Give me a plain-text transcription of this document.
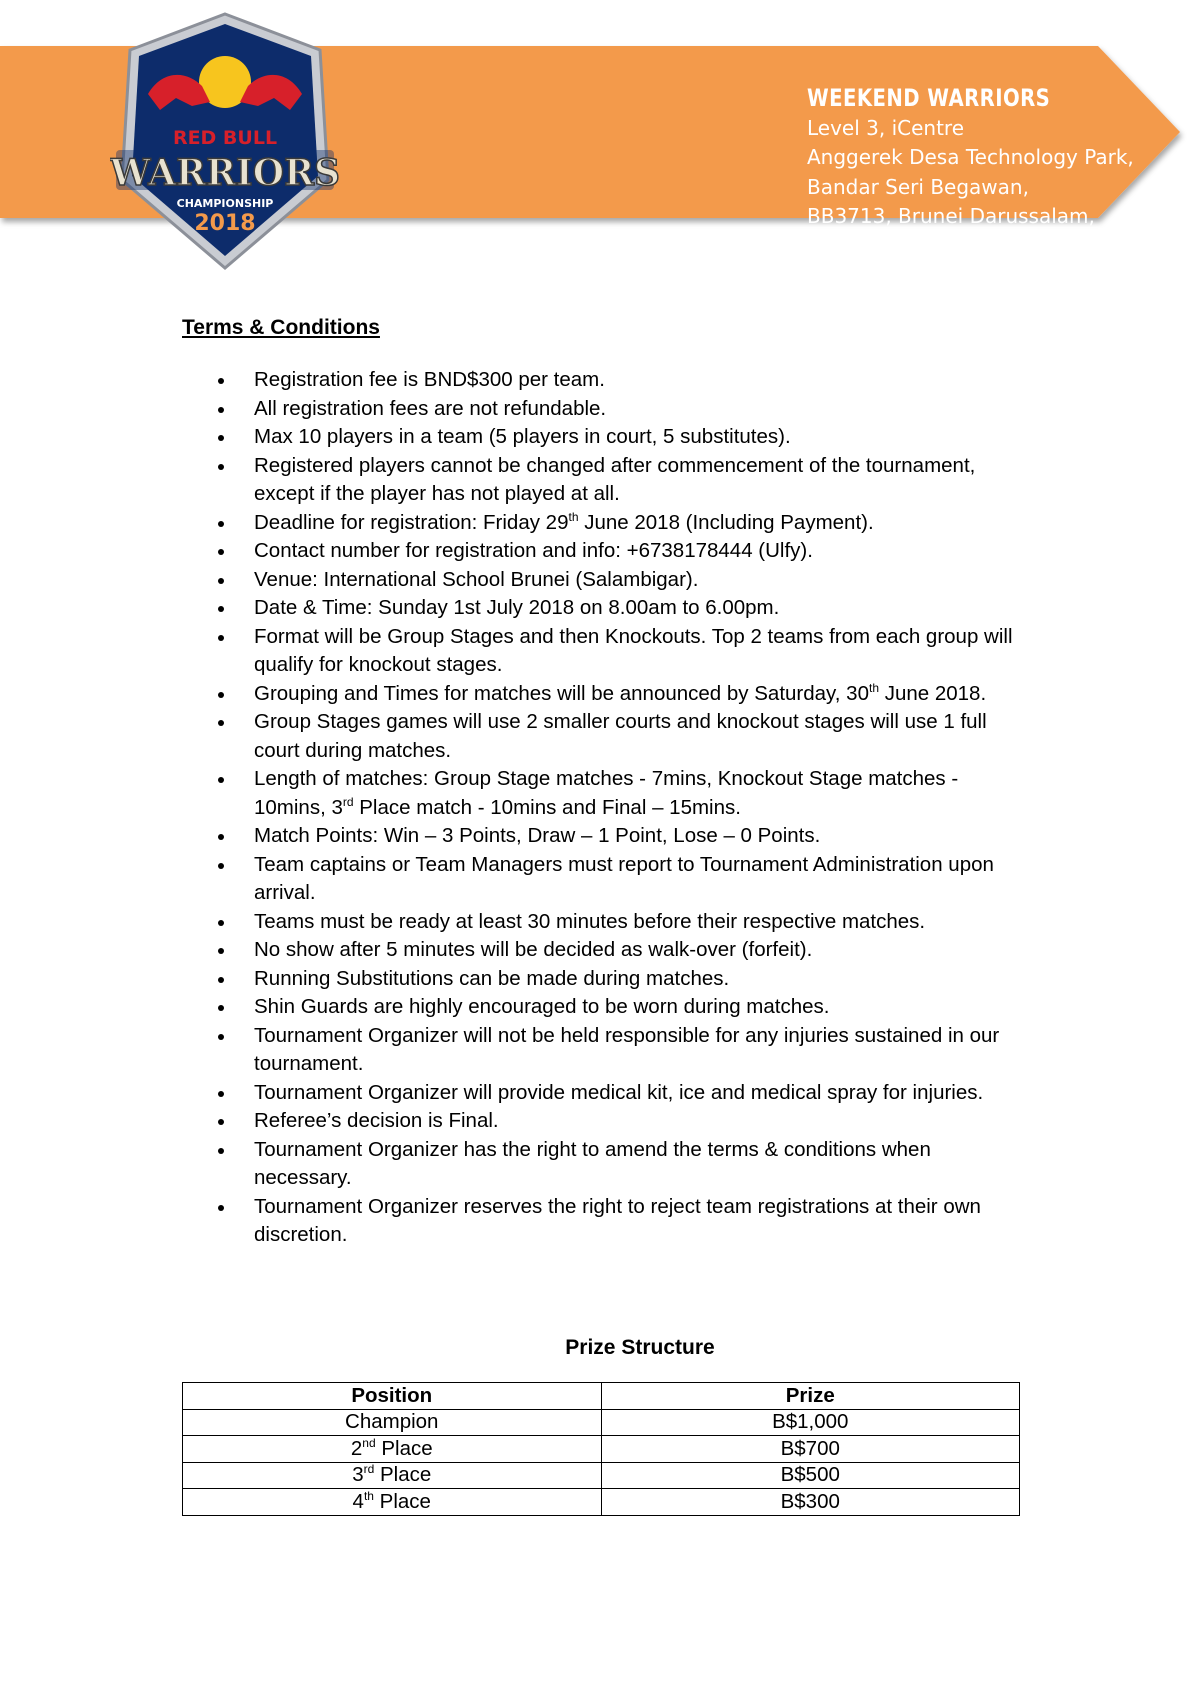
WEEKEND WARRIORS
Level 3, iCentre
Anggerek Desa Technology Park,
Bandar Seri Begawan,
BB3713, Brunei Darussalam,
www.wwstadium.com
RED BULL
WARRIORS
CHAMPIONSHIP
2018
Terms & Conditions
Registration fee is BND$300 per team.
All registration fees are not refundable.
Max 10 players in a team (5 players in court, 5 substitutes).
Registered players cannot be changed after commencement of the tournament, except if the player has not played at all.
Deadline for registration: Friday 29th June 2018 (Including Payment).
Contact number for registration and info: +6738178444 (Ulfy).
Venue: International School Brunei (Salambigar).
Date & Time: Sunday 1st July 2018 on 8.00am to 6.00pm.
Format will be Group Stages and then Knockouts. Top 2 teams from each group will qualify for knockout stages.
Grouping and Times for matches will be announced by Saturday, 30th June 2018.
Group Stages games will use 2 smaller courts and knockout stages will use 1 full court during matches.
Length of matches: Group Stage matches - 7mins, Knockout Stage matches - 10mins, 3rd Place match - 10mins and Final – 15mins.
Match Points: Win – 3 Points, Draw – 1 Point, Lose – 0 Points.
Team captains or Team Managers must report to Tournament Administration upon arrival.
Teams must be ready at least 30 minutes before their respective matches.
No show after 5 minutes will be decided as walk-over (forfeit).
Running Substitutions can be made during matches.
Shin Guards are highly encouraged to be worn during matches.
Tournament Organizer will not be held responsible for any injuries sustained in our tournament.
Tournament Organizer will provide medical kit, ice and medical spray for injuries.
Referee’s decision is Final.
Tournament Organizer has the right to amend the terms & conditions when necessary.
Tournament Organizer reserves the right to reject team registrations at their own discretion.
Prize Structure
Position	Prize
Champion	B$1,000
2nd Place	B$700
3rd Place	B$500
4th Place	B$300
